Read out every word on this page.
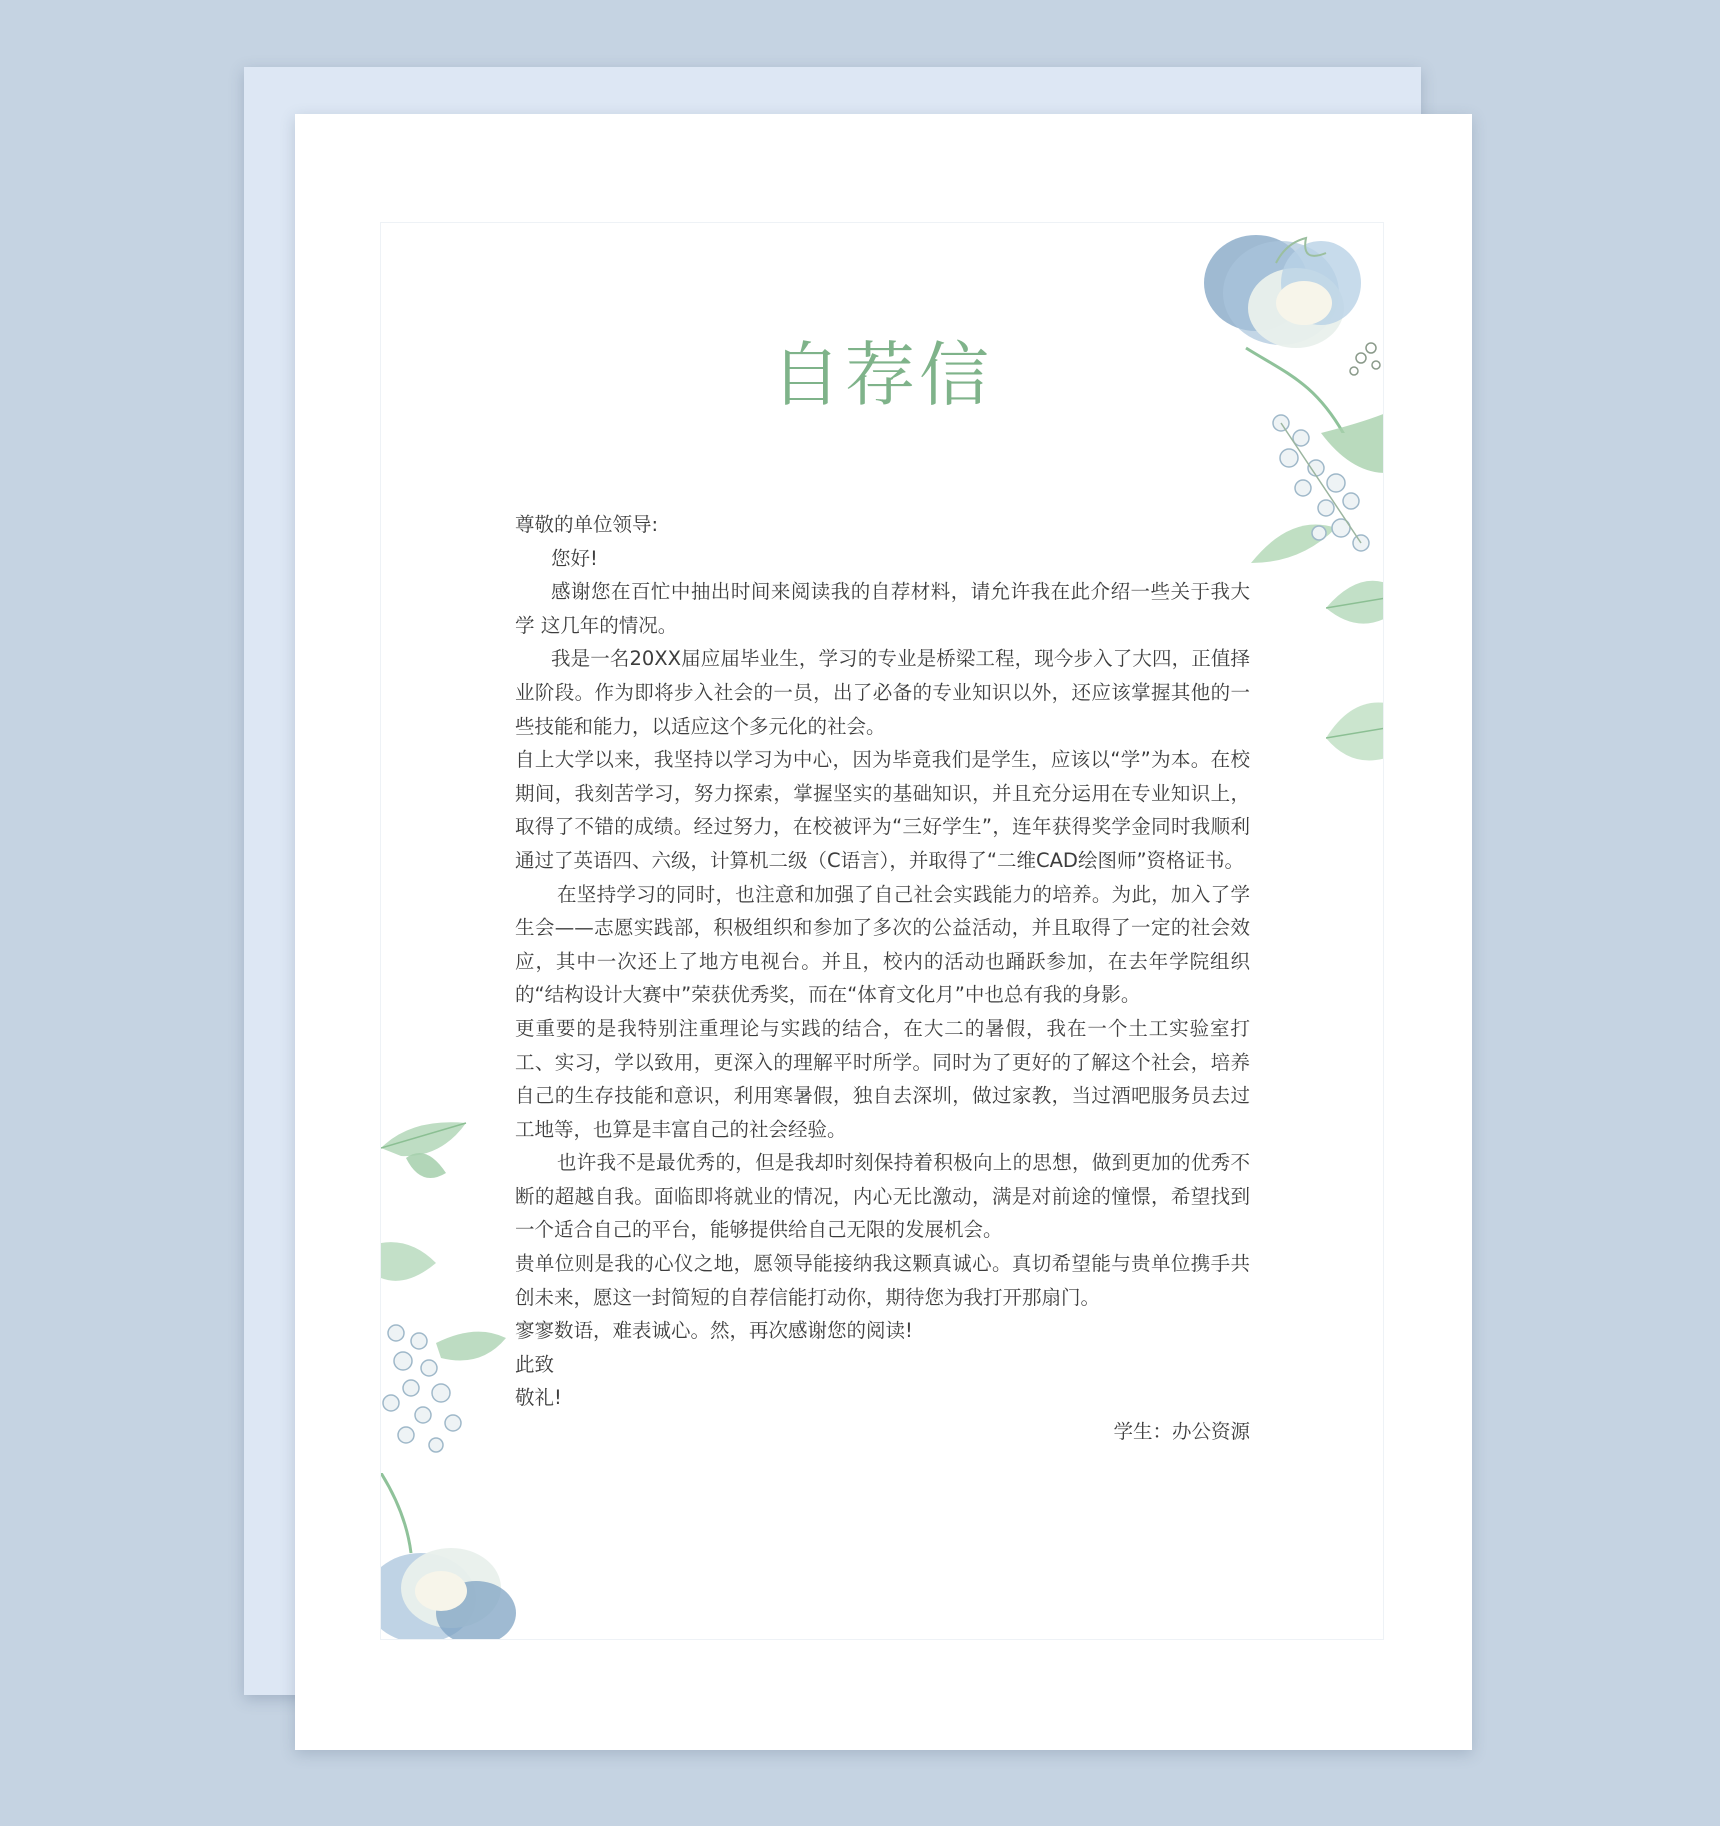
自荐信

尊敬的单位领导:

您好!

感谢您在百忙中抽出时间来阅读我的自荐材料，请允许我在此介绍一些关于我大学 这几年的情况。

我是一名20XX届应届毕业生，学习的专业是桥梁工程，现今步入了大四，正值择业阶段。作为即将步入社会的一员，出了必备的专业知识以外，还应该掌握其他的一些技能和能力，以适应这个多元化的社会。

自上大学以来，我坚持以学习为中心，因为毕竟我们是学生，应该以“学”为本。在校期间，我刻苦学习，努力探索，掌握坚实的基础知识，并且充分运用在专业知识上，取得了不错的成绩。经过努力，在校被评为“三好学生”，连年获得奖学金同时我顺利通过了英语四、六级，计算机二级（C语言），并取得了“二维CAD绘图师”资格证书。

在坚持学习的同时，也注意和加强了自己社会实践能力的培养。为此，加入了学生会——志愿实践部，积极组织和参加了多次的公益活动，并且取得了一定的社会效应，其中一次还上了地方电视台。并且，校内的活动也踊跃参加，在去年学院组织的“结构设计大赛中”荣获优秀奖，而在“体育文化月”中也总有我的身影。

更重要的是我特别注重理论与实践的结合，在大二的暑假，我在一个土工实验室打工、实习，学以致用，更深入的理解平时所学。同时为了更好的了解这个社会，培养自己的生存技能和意识，利用寒暑假，独自去深圳，做过家教，当过酒吧服务员去过工地等，也算是丰富自己的社会经验。

也许我不是最优秀的，但是我却时刻保持着积极向上的思想，做到更加的优秀不断的超越自我。面临即将就业的情况，内心无比激动，满是对前途的憧憬，希望找到一个适合自己的平台，能够提供给自己无限的发展机会。

贵单位则是我的心仪之地，愿领导能接纳我这颗真诚心。真切希望能与贵单位携手共创未来，愿这一封简短的自荐信能打动你，期待您为我打开那扇门。

寥寥数语，难表诚心。然，再次感谢您的阅读!

此致

敬礼!

学生：办公资源
